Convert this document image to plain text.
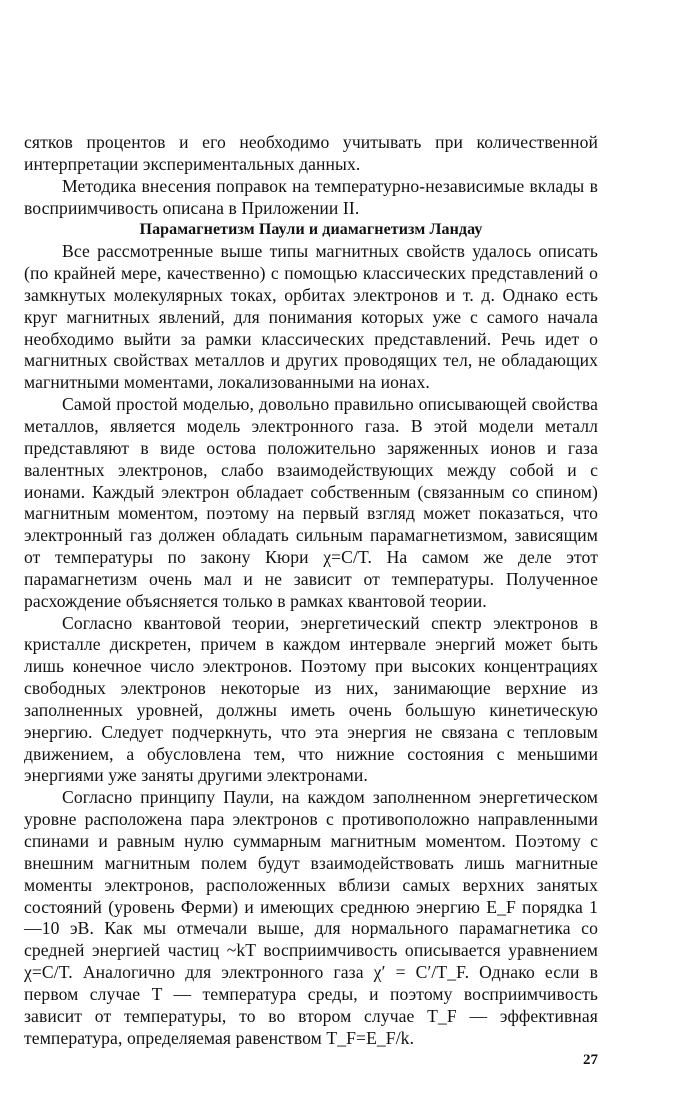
сятков процентов и его необходимо учитывать при количественной интерпретации экспериментальных данных.

Методика внесения поправок на температурно-независимые вклады в восприимчивость описана в Приложении II.

Парамагнетизм Паули и диамагнетизм Ландау

Все рассмотренные выше типы магнитных свойств удалось описать (по крайней мере, качественно) с помощью классических представлений о замкнутых молекулярных токах, орбитах электронов и т. д. Однако есть круг магнитных явлений, для понимания которых уже с самого начала необходимо выйти за рамки классических представлений. Речь идет о магнитных свойствах металлов и других проводящих тел, не обладающих магнитными моментами, локализованными на ионах.

Самой простой моделью, довольно правильно описывающей свойства металлов, является модель электронного газа. В этой модели металл представляют в виде остова положительно заряженных ионов и газа валентных электронов, слабо взаимодействующих между собой и с ионами. Каждый электрон обладает собственным (связанным со спином) магнитным моментом, поэтому на первый взгляд может показаться, что электронный газ должен обладать сильным парамагнетизмом, зависящим от температуры по закону Кюри χ=C/T. На самом же деле этот парамагнетизм очень мал и не зависит от температуры. Полученное расхождение объясняется только в рамках квантовой теории.

Согласно квантовой теории, энергетический спектр электронов в кристалле дискретен, причем в каждом интервале энергий может быть лишь конечное число электронов. Поэтому при высоких концентрациях свободных электронов некоторые из них, занимающие верхние из заполненных уровней, должны иметь очень большую кинетическую энергию. Следует подчеркнуть, что эта энергия не связана с тепловым движением, а обусловлена тем, что нижние состояния с меньшими энергиями уже заняты другими электронами.

Согласно принципу Паули, на каждом заполненном энергетическом уровне расположена пара электронов с противоположно направленными спинами и равным нулю суммарным магнитным моментом. Поэтому с внешним магнитным полем будут взаимодействовать лишь магнитные моменты электронов, расположенных вблизи самых верхних занятых состояний (уровень Ферми) и имеющих среднюю энергию E_F порядка 1—10 эВ. Как мы отмечали выше, для нормального парамагнетика со средней энергией частиц ~kT восприимчивость описывается уравнением χ=C/T. Аналогично для электронного газа χ′ = C′/T_F. Однако если в первом случае T — температура среды, и поэтому восприимчивость зависит от температуры, то во втором случае T_F — эффективная температура, определяемая равенством T_F=E_F/k.

27
